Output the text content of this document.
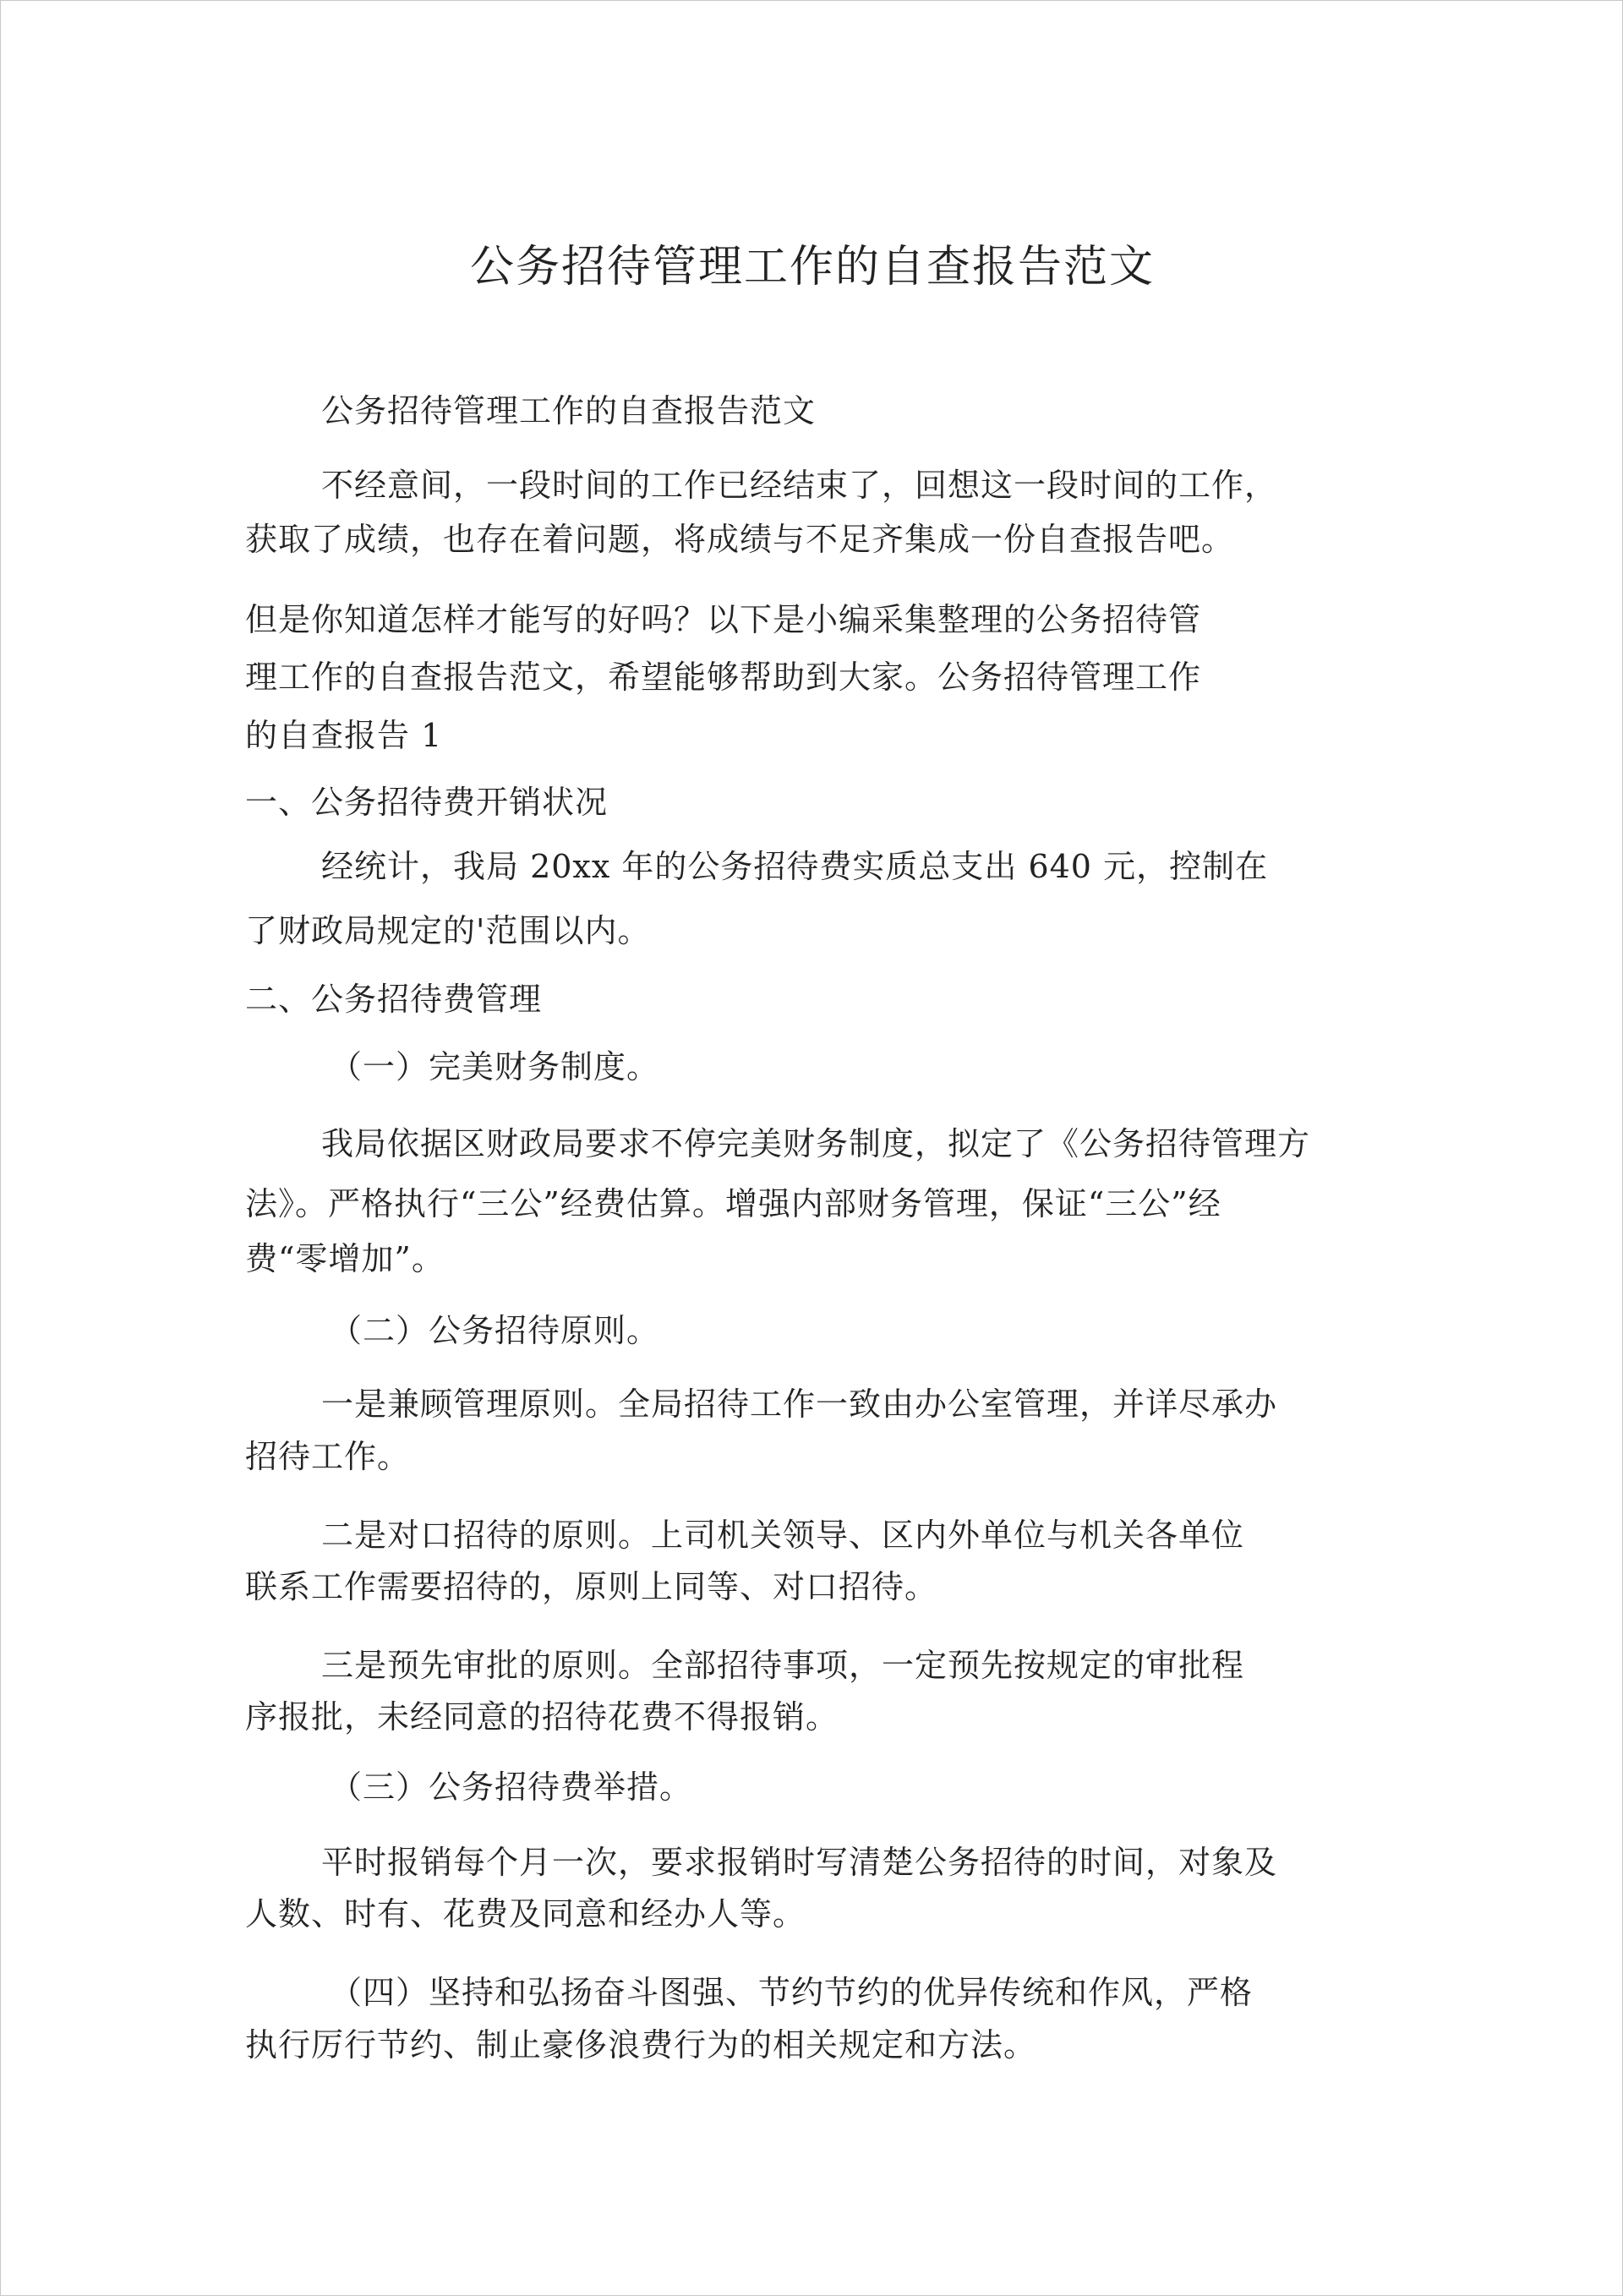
公务招待管理工作的自查报告范文
公务招待管理工作的自查报告范文
不经意间，一段时间的工作已经结束了，回想这一段时间的工作，
获取了成绩，也存在着问题，将成绩与不足齐集成一份自查报告吧。
但是你知道怎样才能写的好吗？以下是小编采集整理的公务招待管
理工作的自查报告范文，希望能够帮助到大家。公务招待管理工作
的自查报告 1
一、公务招待费开销状况
经统计，我局 20xx 年的公务招待费实质总支出 640 元，控制在
了财政局规定的'范围以内。
二、公务招待费管理
（一）完美财务制度。
我局依据区财政局要求不停完美财务制度，拟定了《公务招待管理方
法》。严格执行“三公”经费估算。增强内部财务管理，保证“三公”经
费“零增加”。
（二）公务招待原则。
一是兼顾管理原则。全局招待工作一致由办公室管理，并详尽承办
招待工作。
二是对口招待的原则。上司机关领导、区内外单位与机关各单位
联系工作需要招待的，原则上同等、对口招待。
三是预先审批的原则。全部招待事项，一定预先按规定的审批程
序报批，未经同意的招待花费不得报销。
（三）公务招待费举措。
平时报销每个月一次，要求报销时写清楚公务招待的时间，对象及
人数、时有、花费及同意和经办人等。
（四）坚持和弘扬奋斗图强、节约节约的优异传统和作风，严格
执行厉行节约、制止豪侈浪费行为的相关规定和方法。
